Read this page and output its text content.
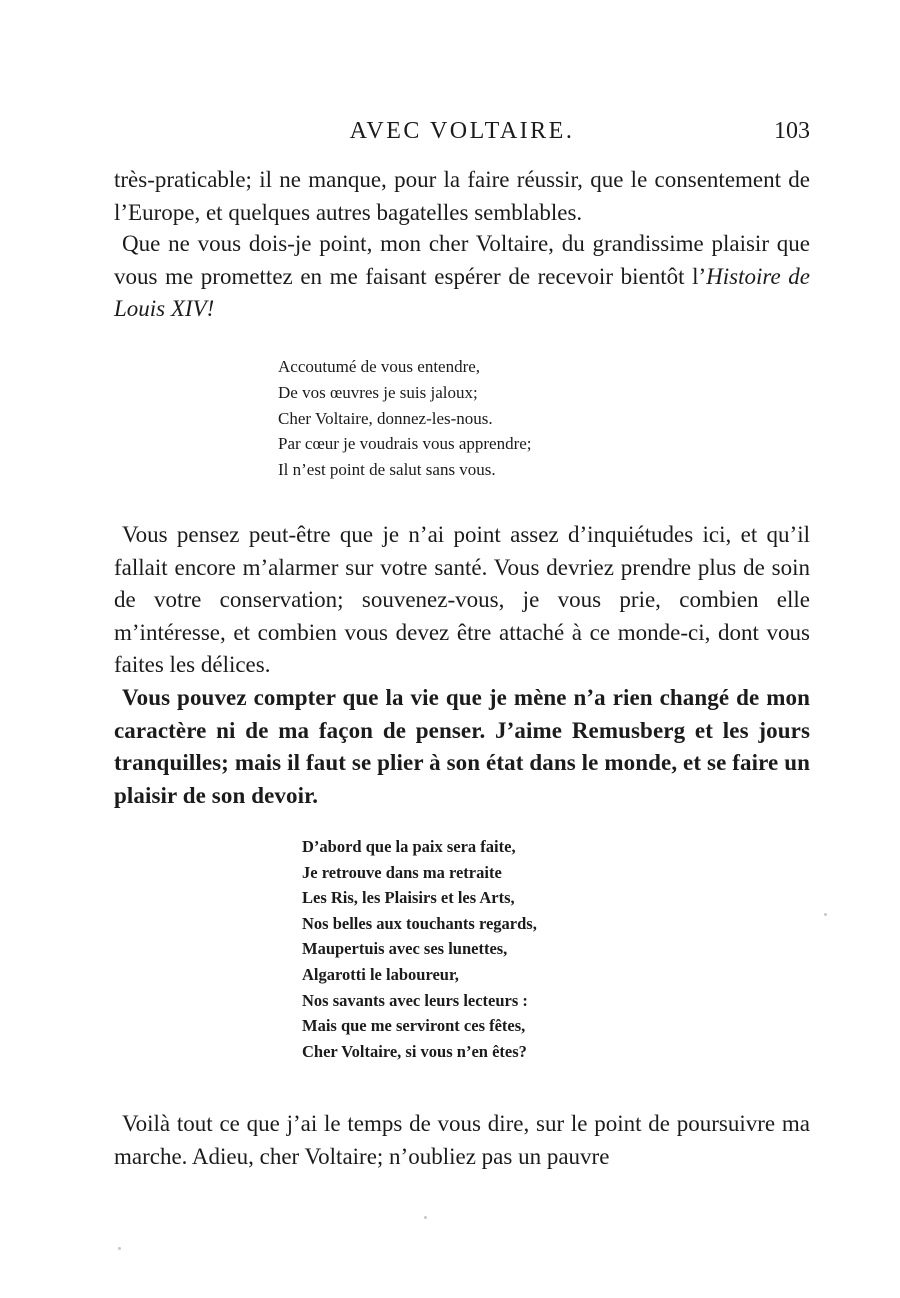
AVEC VOLTAIRE.	103

très-praticable; il ne manque, pour la faire réussir, que le consentement de l’Europe, et quelques autres bagatelles semblables.

Que ne vous dois-je point, mon cher Voltaire, du grandissime plaisir que vous me promettez en me faisant espérer de recevoir bientôt l’Histoire de Louis XIV!

Accoutumé de vous entendre,
De vos œuvres je suis jaloux;
Cher Voltaire, donnez-les-nous.
Par cœur je voudrais vous apprendre;
Il n’est point de salut sans vous.

Vous pensez peut-être que je n’ai point assez d’inquiétudes ici, et qu’il fallait encore m’alarmer sur votre santé. Vous devriez prendre plus de soin de votre conservation; souvenez-vous, je vous prie, combien elle m’intéresse, et combien vous devez être attaché à ce monde-ci, dont vous faites les délices.

Vous pouvez compter que la vie que je mène n’a rien changé de mon caractère ni de ma façon de penser. J’aime Remusberg et les jours tranquilles; mais il faut se plier à son état dans le monde, et se faire un plaisir de son devoir.

D’abord que la paix sera faite,
Je retrouve dans ma retraite
Les Ris, les Plaisirs et les Arts,
Nos belles aux touchants regards,
Maupertuis avec ses lunettes,
Algarotti le laboureur,
Nos savants avec leurs lecteurs :
Mais que me serviront ces fêtes,
Cher Voltaire, si vous n’en êtes?

Voilà tout ce que j’ai le temps de vous dire, sur le point de poursuivre ma marche. Adieu, cher Voltaire; n’oubliez pas un pauvre
